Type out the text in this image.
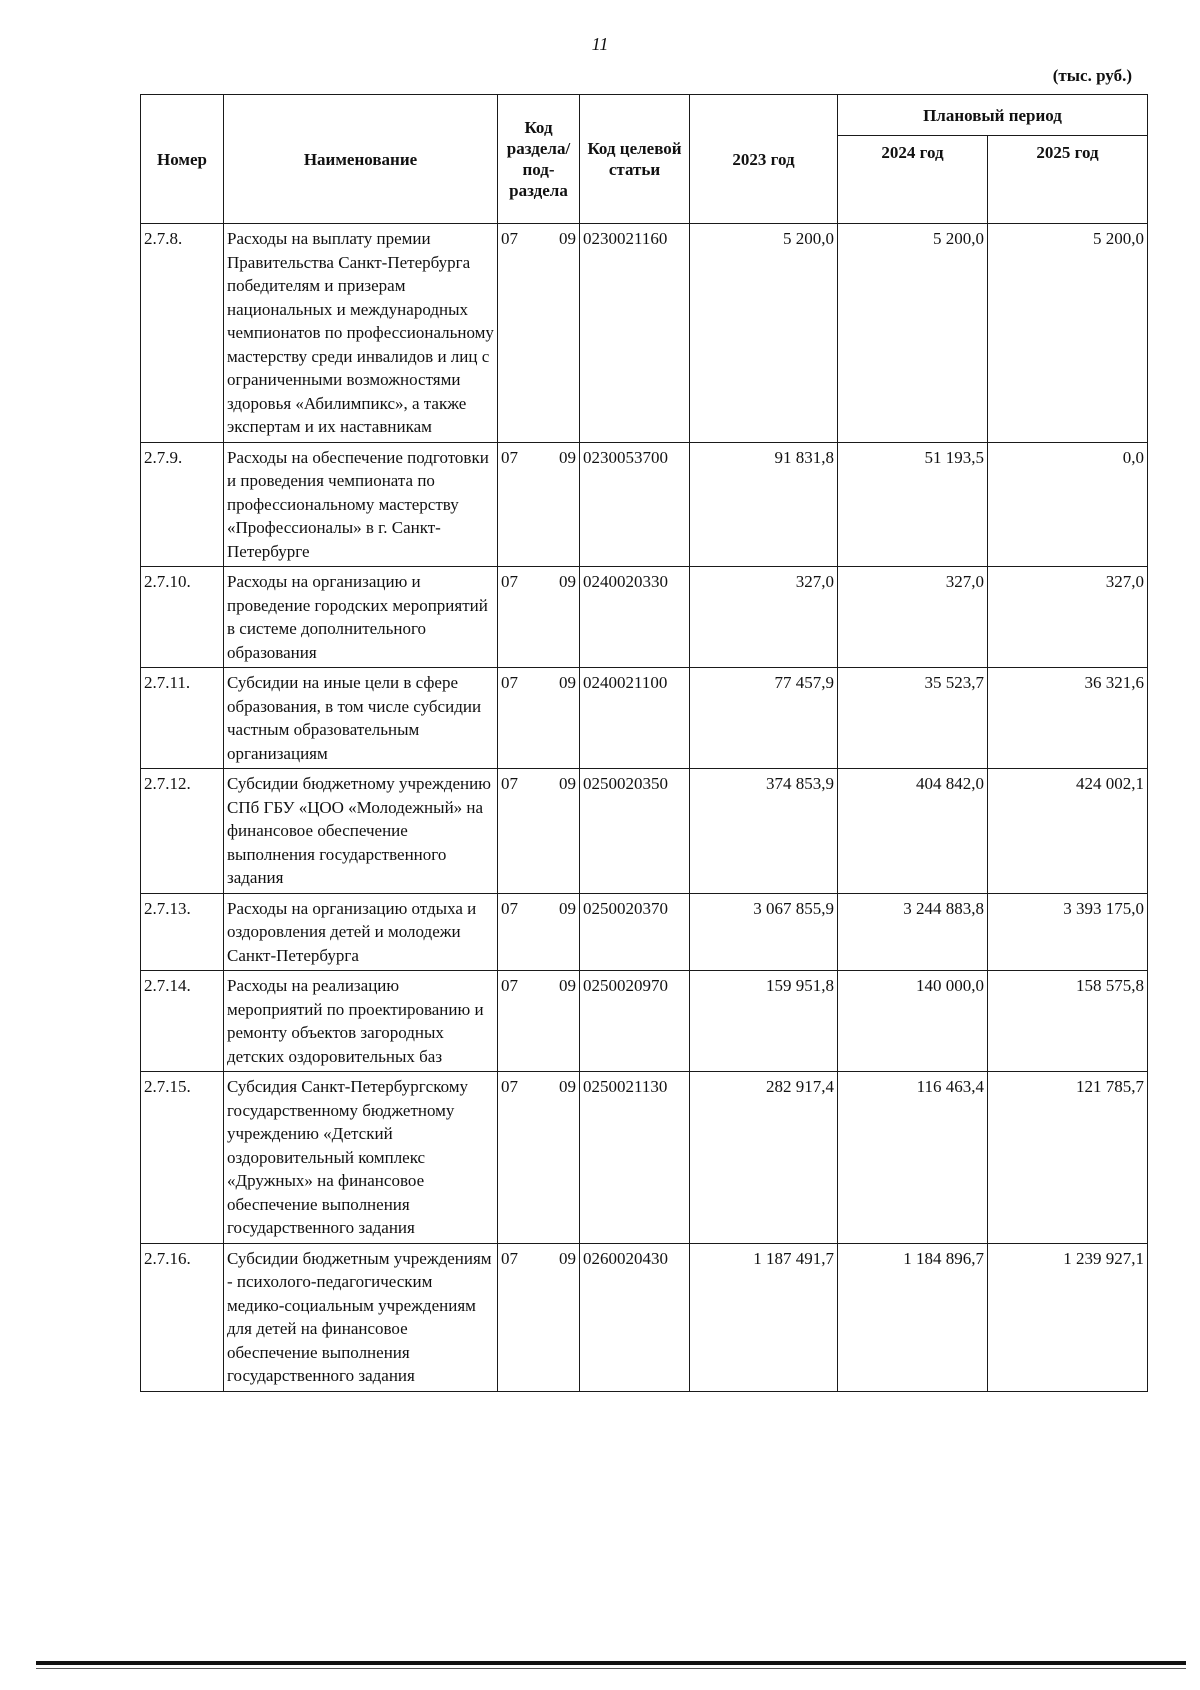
11
(тыс. руб.)
Номер	Наименование	Код раздела/ под-раздела	Код целевой статьи	2023 год	Плановый период	
					2024 год	2025 год
2.7.8.	Расходы на выплату премии Правительства Санкт-Петербурга победителям и призерам национальных и международных чемпионатов по профессиональному мастерству среди инвалидов и лиц с ограниченными возможностями здоровья «Абилимпикс», а также экспертам и их наставникам	07 09	0230021160	5 200,0	5 200,0	5 200,0
2.7.9.	Расходы на обеспечение подготовки и проведения чемпионата по профессиональному мастерству «Профессионалы» в г. Санкт-Петербурге	07 09	0230053700	91 831,8	51 193,5	0,0
2.7.10.	Расходы на организацию и проведение городских мероприятий в системе дополнительного образования	07 09	0240020330	327,0	327,0	327,0
2.7.11.	Субсидии на иные цели в сфере образования, в том числе субсидии частным образовательным организациям	07 09	0240021100	77 457,9	35 523,7	36 321,6
2.7.12.	Субсидии бюджетному учреждению СПб ГБУ «ЦОО «Молодежный» на финансовое обеспечение выполнения государственного задания	07 09	0250020350	374 853,9	404 842,0	424 002,1
2.7.13.	Расходы на организацию отдыха и оздоровления детей и молодежи Санкт-Петербурга	07 09	0250020370	3 067 855,9	3 244 883,8	3 393 175,0
2.7.14.	Расходы на реализацию мероприятий по проектированию и ремонту объектов загородных детских оздоровительных баз	07 09	0250020970	159 951,8	140 000,0	158 575,8
2.7.15.	Субсидия Санкт-Петербургскому государственному бюджетному учреждению «Детский оздоровительный комплекс «Дружных» на финансовое обеспечение выполнения государственного задания	07 09	0250021130	282 917,4	116 463,4	121 785,7
2.7.16.	Субсидии бюджетным учреждениям - психолого-педагогическим медико-социальным учреждениям для детей на финансовое обеспечение выполнения государственного задания	07 09	0260020430	1 187 491,7	1 184 896,7	1 239 927,1
